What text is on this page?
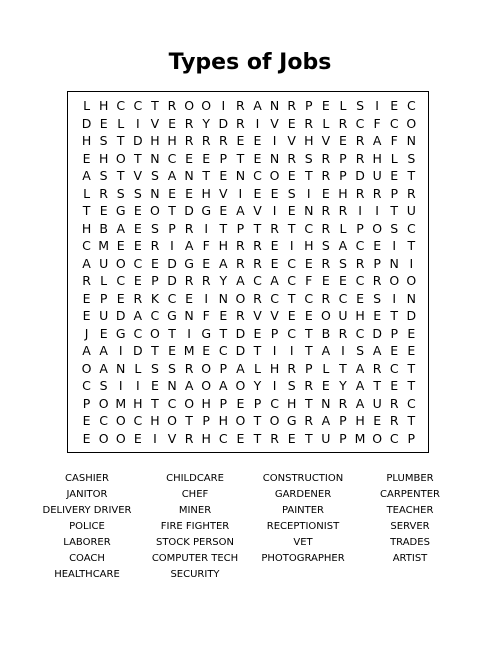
Types of Jobs
L H C C T R O O I R A N R P E L S I E C
D E L I V E R Y D R I V E R L R C F C O
H S T D H H R R R E E I V H V E R A F N
E H O T N C E E P T E N R S R P R H L S
A S T V S A N T E N C O E T R P D U E T
L R S S N E E H V I E E S I E H R R P R
T E G E O T D G E A V I E N R R I	I T U
H B A E S P R I T P T R T C R L P O S C
C M E E R I A F H R R E I H S A C E I T
A U O C E D G E A R R E C E R S R P N I
R L C E P D R R Y A C A C F E E C R O O
E P E R K C E I N O R C T C R C E S I N
E U D A C G N F E R V V E E O U H E T D
J E G C O T I G T D E P C T B R C D P E
A A I D T E M E C D T I	I T A I S A E E
O A N L S S R O P A L H R P L T A R C T
C S I	I E N A O A O Y I S R E Y A T E T
P O M H T C O H P E P C H T N R A U R C
E C O C H O T P H O T O G R A P H E R T
E O O E I V R H C E T R E T U P M O C P
CASHIER	CHILDCARE	CONSTRUCTION	PLUMBER
JANITOR	CHEF	GARDENER	CARPENTER
DELIVERY DRIVER	MINER	PAINTER	TEACHER
POLICE	FIRE FIGHTER	RECEPTIONIST	SERVER
LABORER	STOCK PERSON	VET	TRADES
COACH	COMPUTER TECH	PHOTOGRAPHER	ARTIST
HEALTHCARE	SECURITY
